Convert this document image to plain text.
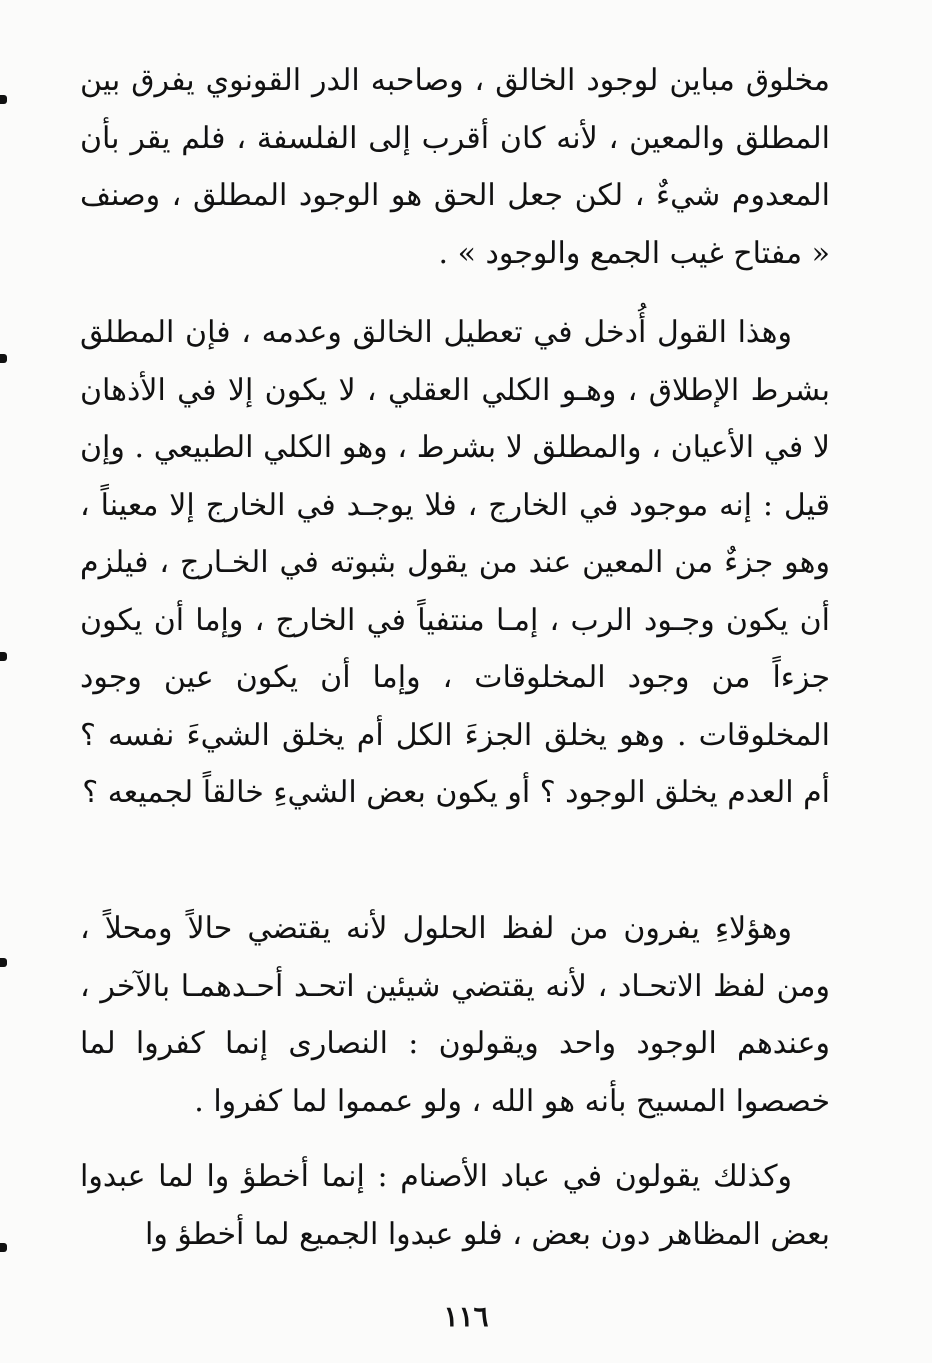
مخلوق مباين لوجود الخالق ، وصاحبه الدر القونوي يفرق بين المطلق والمعين ، لأنه كان أقرب إلى الفلسفة ، فلم يقر بأن المعدوم شيءٌ ، لكن جعل الحق هو الوجود المطلق ، وصنف « مفتاح غيب الجمع والوجود » .

وهذا القول أُدخل في تعطيل الخالق وعدمه ، فإن المطلق بشرط الإطلاق ، وهـو الكلي العقلي ، لا يكون إلا في الأذهان لا في الأعيان ، والمطلق لا بشرط ، وهو الكلي الطبيعي . وإن قيل : إنه موجود في الخارج ، فلا يوجـد في الخارج إلا معيناً ، وهو جزءٌ من المعين عند من يقول بثبوته في الخـارج ، فيلزم أن يكون وجـود الرب ، إمـا منتفياً في الخارج ، وإما أن يكون جزءاً من وجود المخلوقات ، وإما أن يكون عين وجود المخلوقات . وهو يخلق الجزءَ الكل أم يخلق الشيءَ نفسه ؟ أم العدم يخلق الوجود ؟ أو يكون بعض الشيءِ خالقاً لجميعه ؟

وهؤلاءِ يفرون من لفظ الحلول لأنه يقتضي حالاً ومحلاً ، ومن لفظ الاتحـاد ، لأنه يقتضي شيئين اتحـد أحـدهمـا بالآخر ، وعندهم الوجود واحد ويقولون : النصارى إنما كفروا لما خصصوا المسيح بأنه هو الله ، ولو عمموا لما كفروا .

وكذلك يقولون في عباد الأصنام : إنما أخطؤ وا لما عبدوا بعض المظاهر دون بعض ، فلو عبدوا الجميع لما أخطؤ وا

١١٦
